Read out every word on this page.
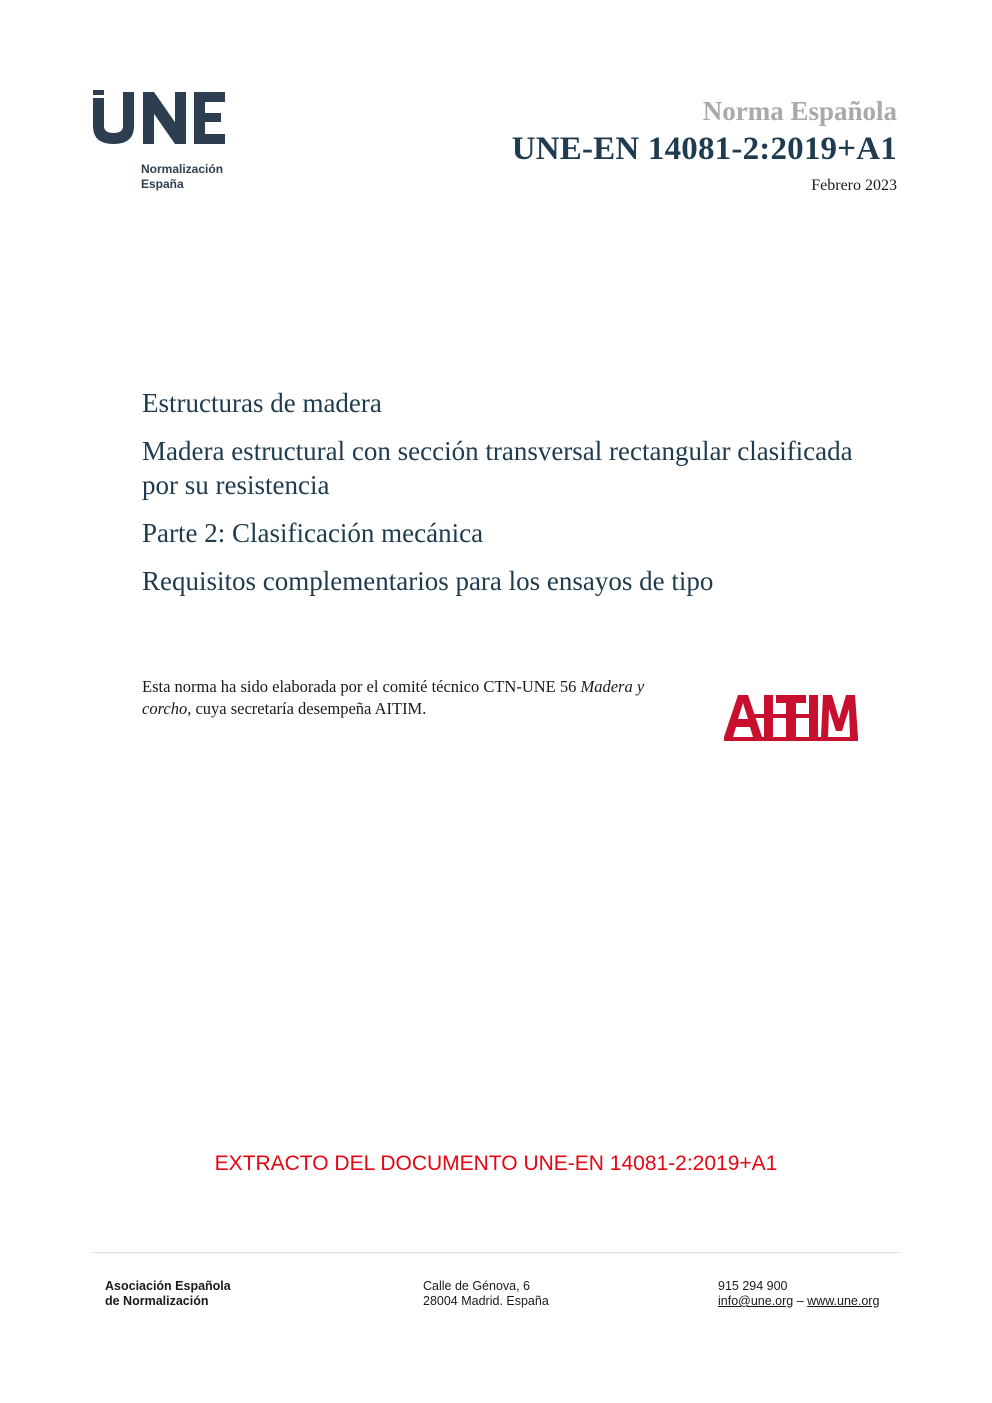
Normalización
España
Norma Española
UNE-EN 14081-2:2019+A1
Febrero 2023

Estructuras de madera

Madera estructural con sección transversal rectangular clasificada por su resistencia

Parte 2: Clasificación mecánica

Requisitos complementarios para los ensayos de tipo

Esta norma ha sido elaborada por el comité técnico CTN-UNE 56 Madera y corcho, cuya secretaría desempeña AITIM.
EXTRACTO DEL DOCUMENTO UNE-EN 14081-2:2019+A1
Asociación Española
de Normalización
Calle de Génova, 6
28004 Madrid. España
915 294 900
info@une.org – www.une.org
